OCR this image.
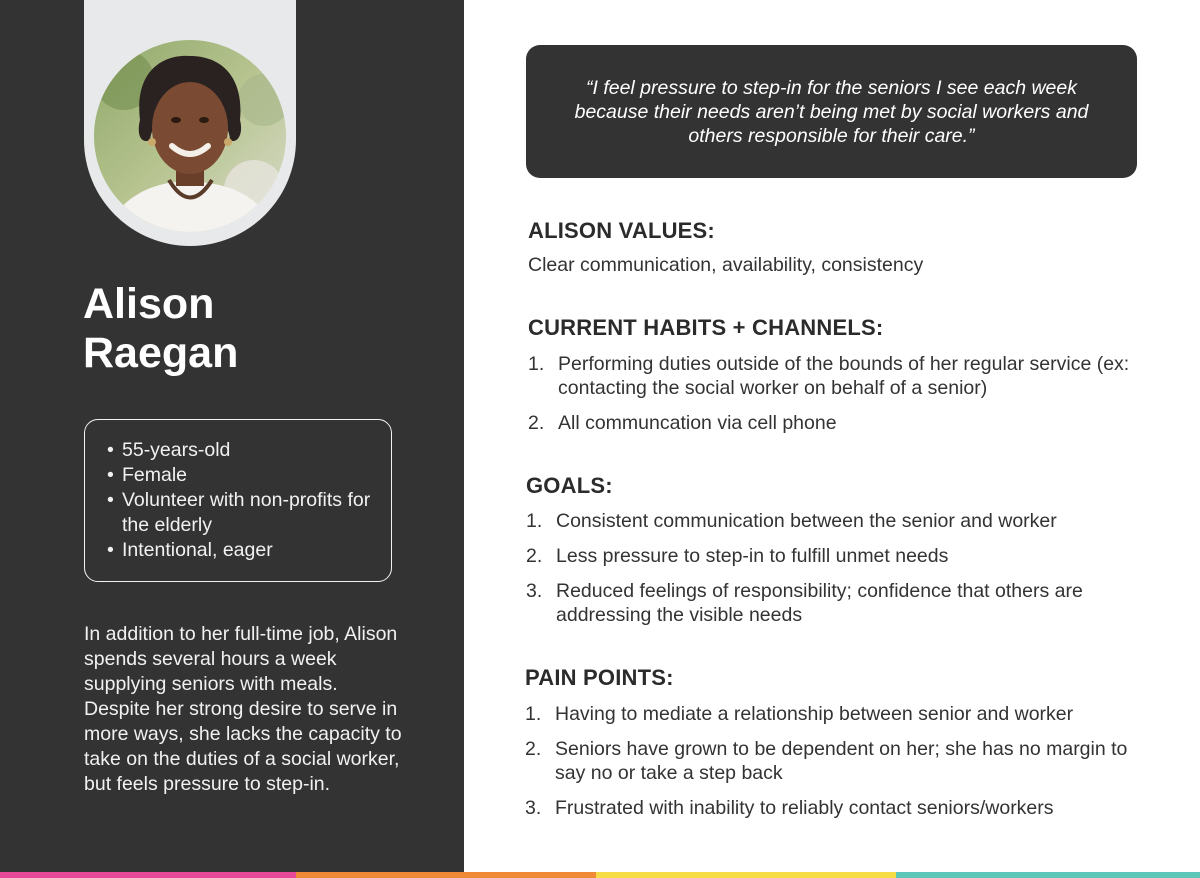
Alison
Raegan
• 55-years-old
• Female
• Volunteer with non-profits for the elderly
• Intentional, eager

In addition to her full-time job, Alison spends several hours a week supplying seniors with meals. Despite her strong desire to serve in more ways, she lacks the capacity to take on the duties of a social worker, but feels pressure to step-in.

“I feel pressure to step-in for the seniors I see each week because their needs aren’t being met by social workers and others responsible for their care.”
ALISON VALUES:

Clear communication, availability, consistency

CURRENT HABITS + CHANNELS:
1. Performing duties outside of the bounds of her regular service (ex: contacting the social worker on behalf of a senior)
2. All communcation via cell phone
GOALS:
1. Consistent communication between the senior and worker
2. Less pressure to step-in to fulfill unmet needs
3. Reduced feelings of responsibility; confidence that others are addressing the visible needs
PAIN POINTS:
1. Having to mediate a relationship between senior and worker
2. Seniors have grown to be dependent on her; she has no margin to say no or take a step back
3. Frustrated with inability to reliably contact seniors/workers
